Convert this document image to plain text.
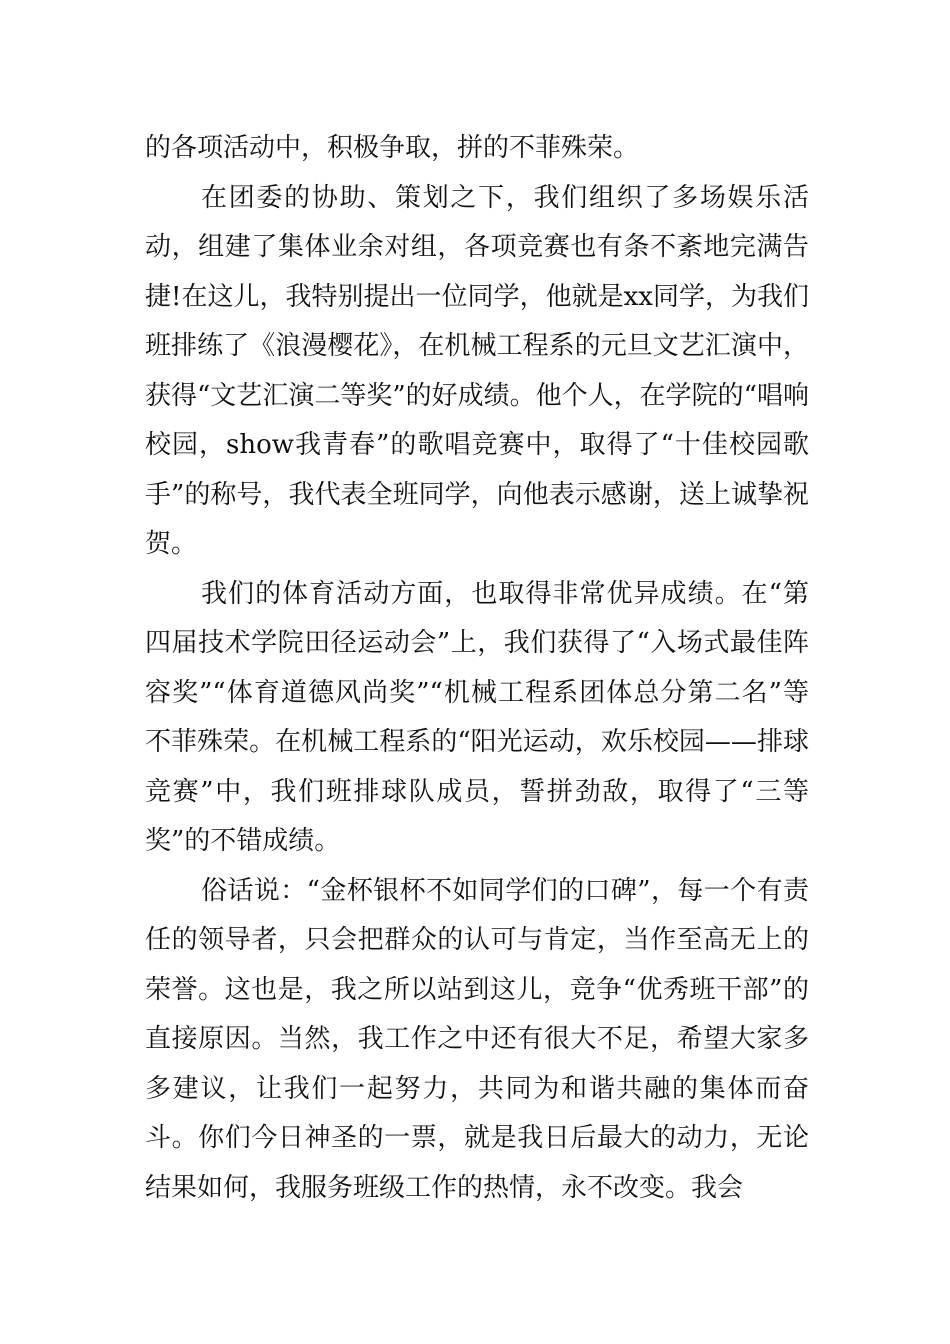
的各项活动中，积极争取，拼的不菲殊荣。

在团委的协助、策划之下，我们组织了多场娱乐活动，组建了集体业余对组，各项竞赛也有条不紊地完满告捷!在这儿，我特别提出一位同学，他就是xx同学，为我们班排练了《浪漫樱花》，在机械工程系的元旦文艺汇演中，获得“文艺汇演二等奖”的好成绩。他个人，在学院的“唱响校园，show我青春”的歌唱竞赛中，取得了“十佳校园歌手”的称号，我代表全班同学，向他表示感谢，送上诚挚祝贺。

我们的体育活动方面，也取得非常优异成绩。在“第四届技术学院田径运动会”上，我们获得了“入场式最佳阵容奖”“体育道德风尚奖”“机械工程系团体总分第二名”等不菲殊荣。在机械工程系的“阳光运动，欢乐校园——排球竞赛”中，我们班排球队成员，誓拼劲敌，取得了“三等奖”的不错成绩。

俗话说：“金杯银杯不如同学们的口碑”，每一个有责任的领导者，只会把群众的认可与肯定，当作至高无上的荣誉。这也是，我之所以站到这儿，竞争“优秀班干部”的直接原因。当然，我工作之中还有很大不足，希望大家多多建议，让我们一起努力，共同为和谐共融的集体而奋斗。你们今日神圣的一票，就是我日后最大的动力，无论结果如何，我服务班级工作的热情，永不改变。我会
